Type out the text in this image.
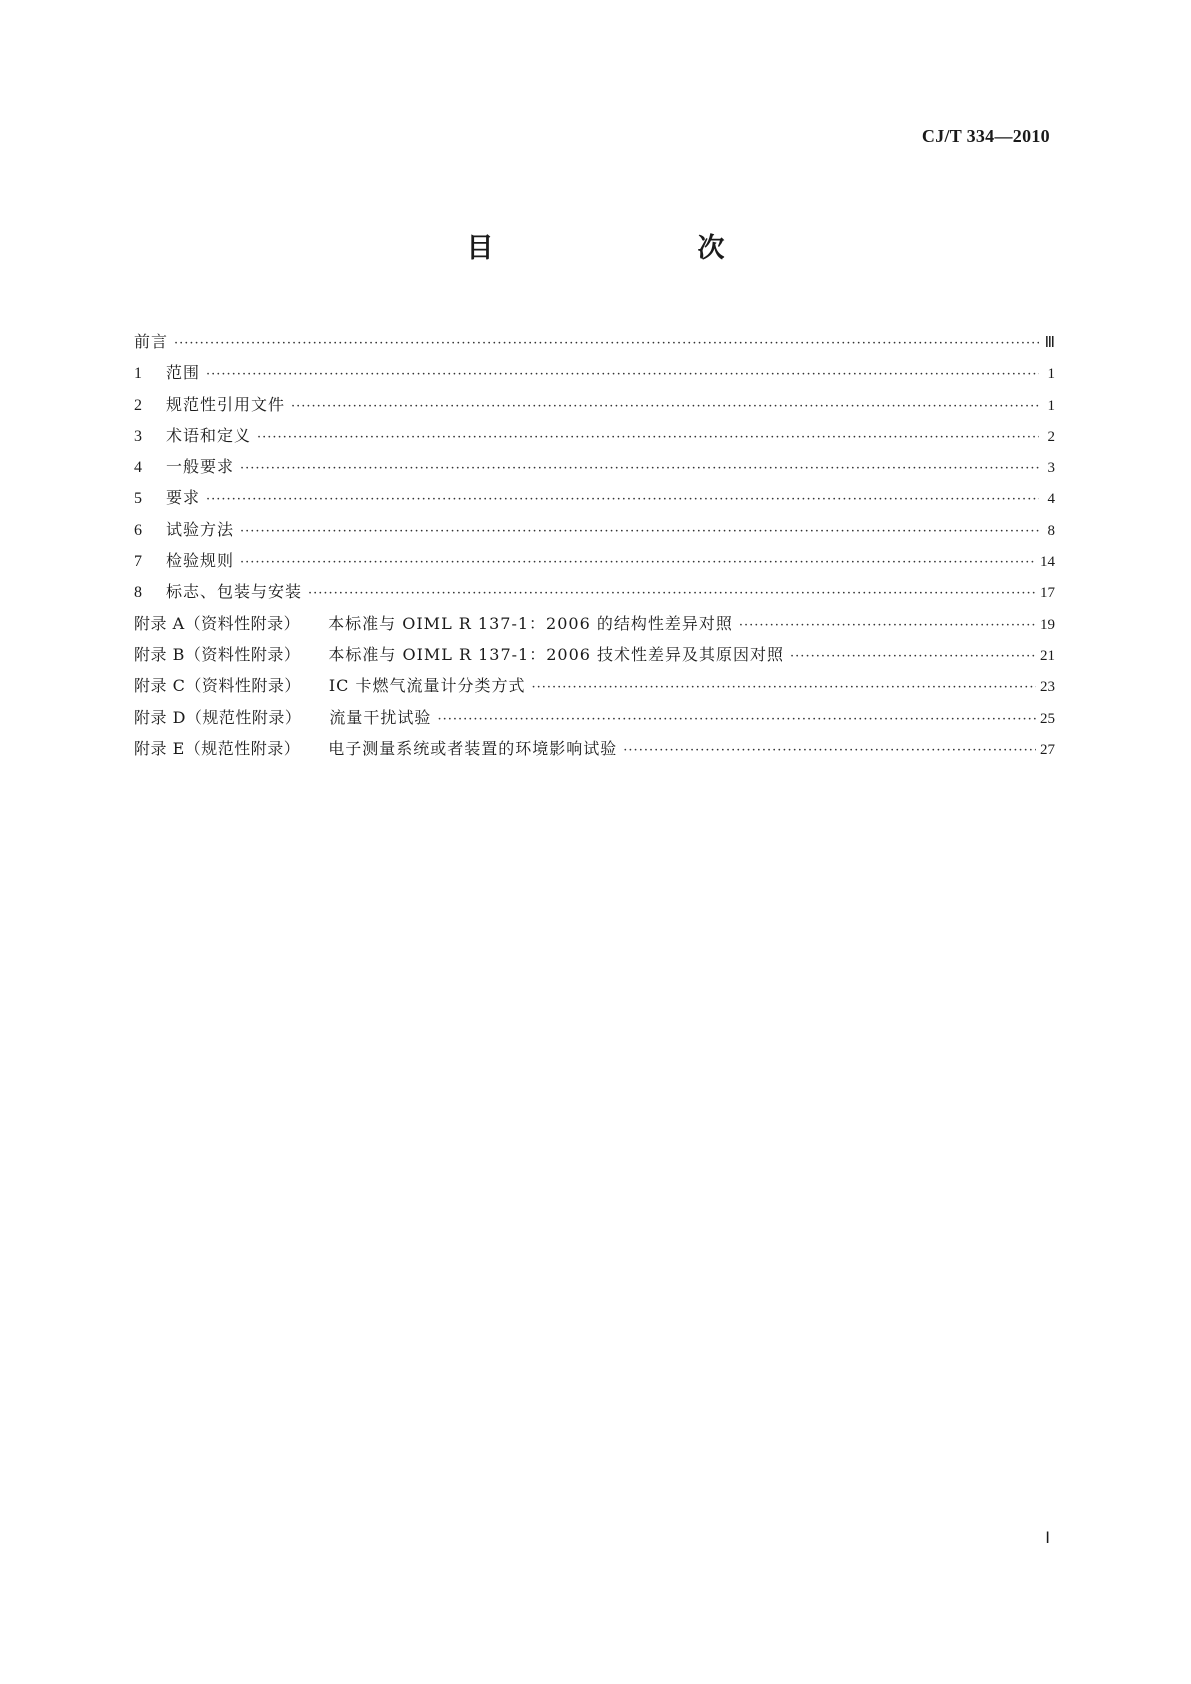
CJ/T 334—2010
目　　次
前言 ·····	Ⅲ
1	范围 ·····	1
2	规范性引用文件 ·····	1
3	术语和定义 ·····	2
4	一般要求 ·····	3
5	要求 ·····	4
6	试验方法 ·····	8
7	检验规则 ·····	14
8	标志、包装与安装 ·····	17
附录 A（资料性附录） 本标准与 OIML R 137-1：2006 的结构性差异对照 ·····	19
附录 B（资料性附录） 本标准与 OIML R 137-1：2006 技术性差异及其原因对照 ·····	21
附录 C（资料性附录） IC 卡燃气流量计分类方式 ·····	23
附录 D（规范性附录） 流量干扰试验 ·····	25
附录 E（规范性附录） 电子测量系统或者装置的环境影响试验 ·····	27
Ⅰ
